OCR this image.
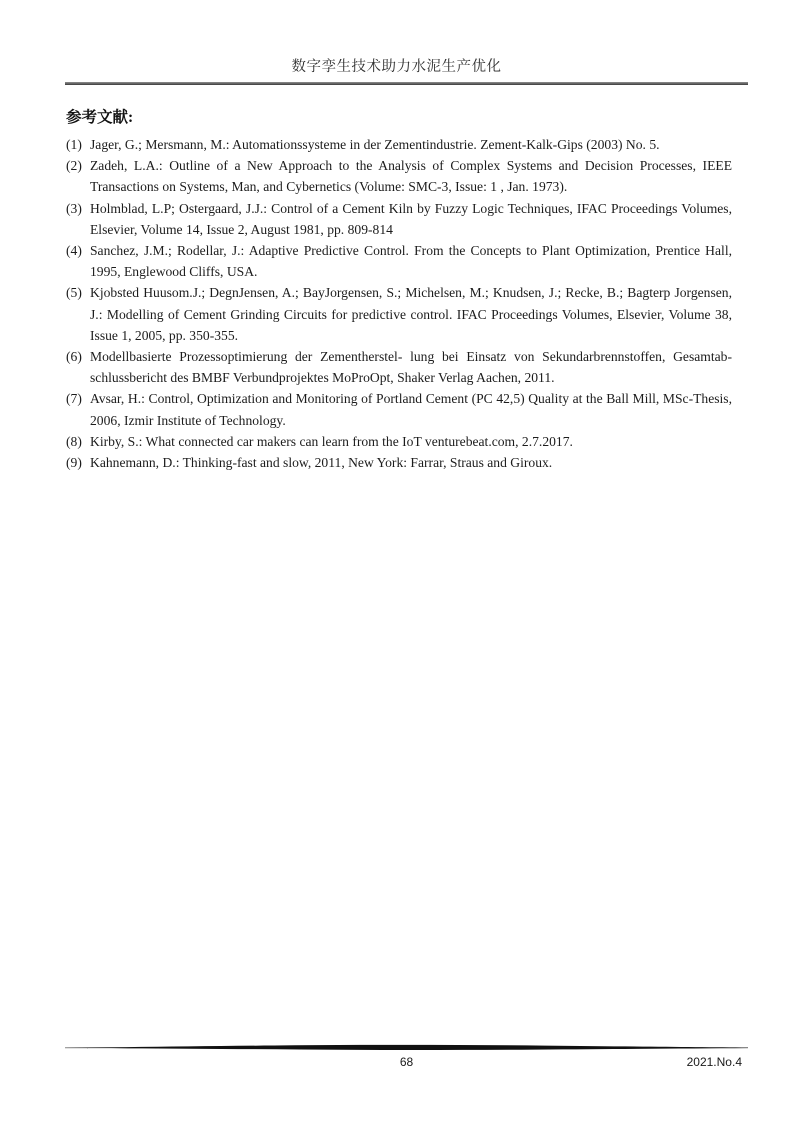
数字孪生技术助力水泥生产优化
参考文献:
(1) Jager, G.; Mersmann, M.: Automationssysteme in der Zementindustrie. Zement-Kalk-Gips (2003) No. 5.
(2) Zadeh, L.A.: Outline of a New Approach to the Analysis of Complex Systems and Decision Processes, IEEE Transactions on Systems, Man, and Cybernetics (Volume: SMC-3, Issue: 1 , Jan. 1973).
(3) Holmblad, L.P; Ostergaard, J.J.: Control of a Cement Kiln by Fuzzy Logic Techniques, IFAC Proceedings Volumes, Elsevier, Volume 14, Issue 2, August 1981, pp. 809-814
(4) Sanchez, J.M.; Rodellar, J.: Adaptive Predictive Control. From the Concepts to Plant Optimization, Prentice Hall, 1995, Englewood Cliffs, USA.
(5) Kjobsted Huusom.J.; DegnJensen, A.; BayJorgensen, S.; Michelsen, M.; Knudsen, J.; Recke, B.; Bagterp Jorgensen, J.: Modelling of Cement Grinding Circuits for predictive control. IFAC Proceedings Volumes, Elsevier, Volume 38, Issue 1, 2005, pp. 350-355.
(6) Modellbasierte Prozessoptimierung der Zementherstel- lung bei Einsatz von Sekundarbrennstoffen, Gesamtab-schlussbericht des BMBF Verbundprojektes MoProOpt, Shaker Verlag Aachen, 2011.
(7) Avsar, H.: Control, Optimization and Monitoring of Portland Cement (PC 42,5) Quality at the Ball Mill, MSc-Thesis, 2006, Izmir Institute of Technology.
(8) Kirby, S.: What connected car makers can learn from the IoT venturebeat.com, 2.7.2017.
(9) Kahnemann, D.: Thinking-fast and slow, 2011, New York: Farrar, Straus and Giroux.
68	2021.No.4
